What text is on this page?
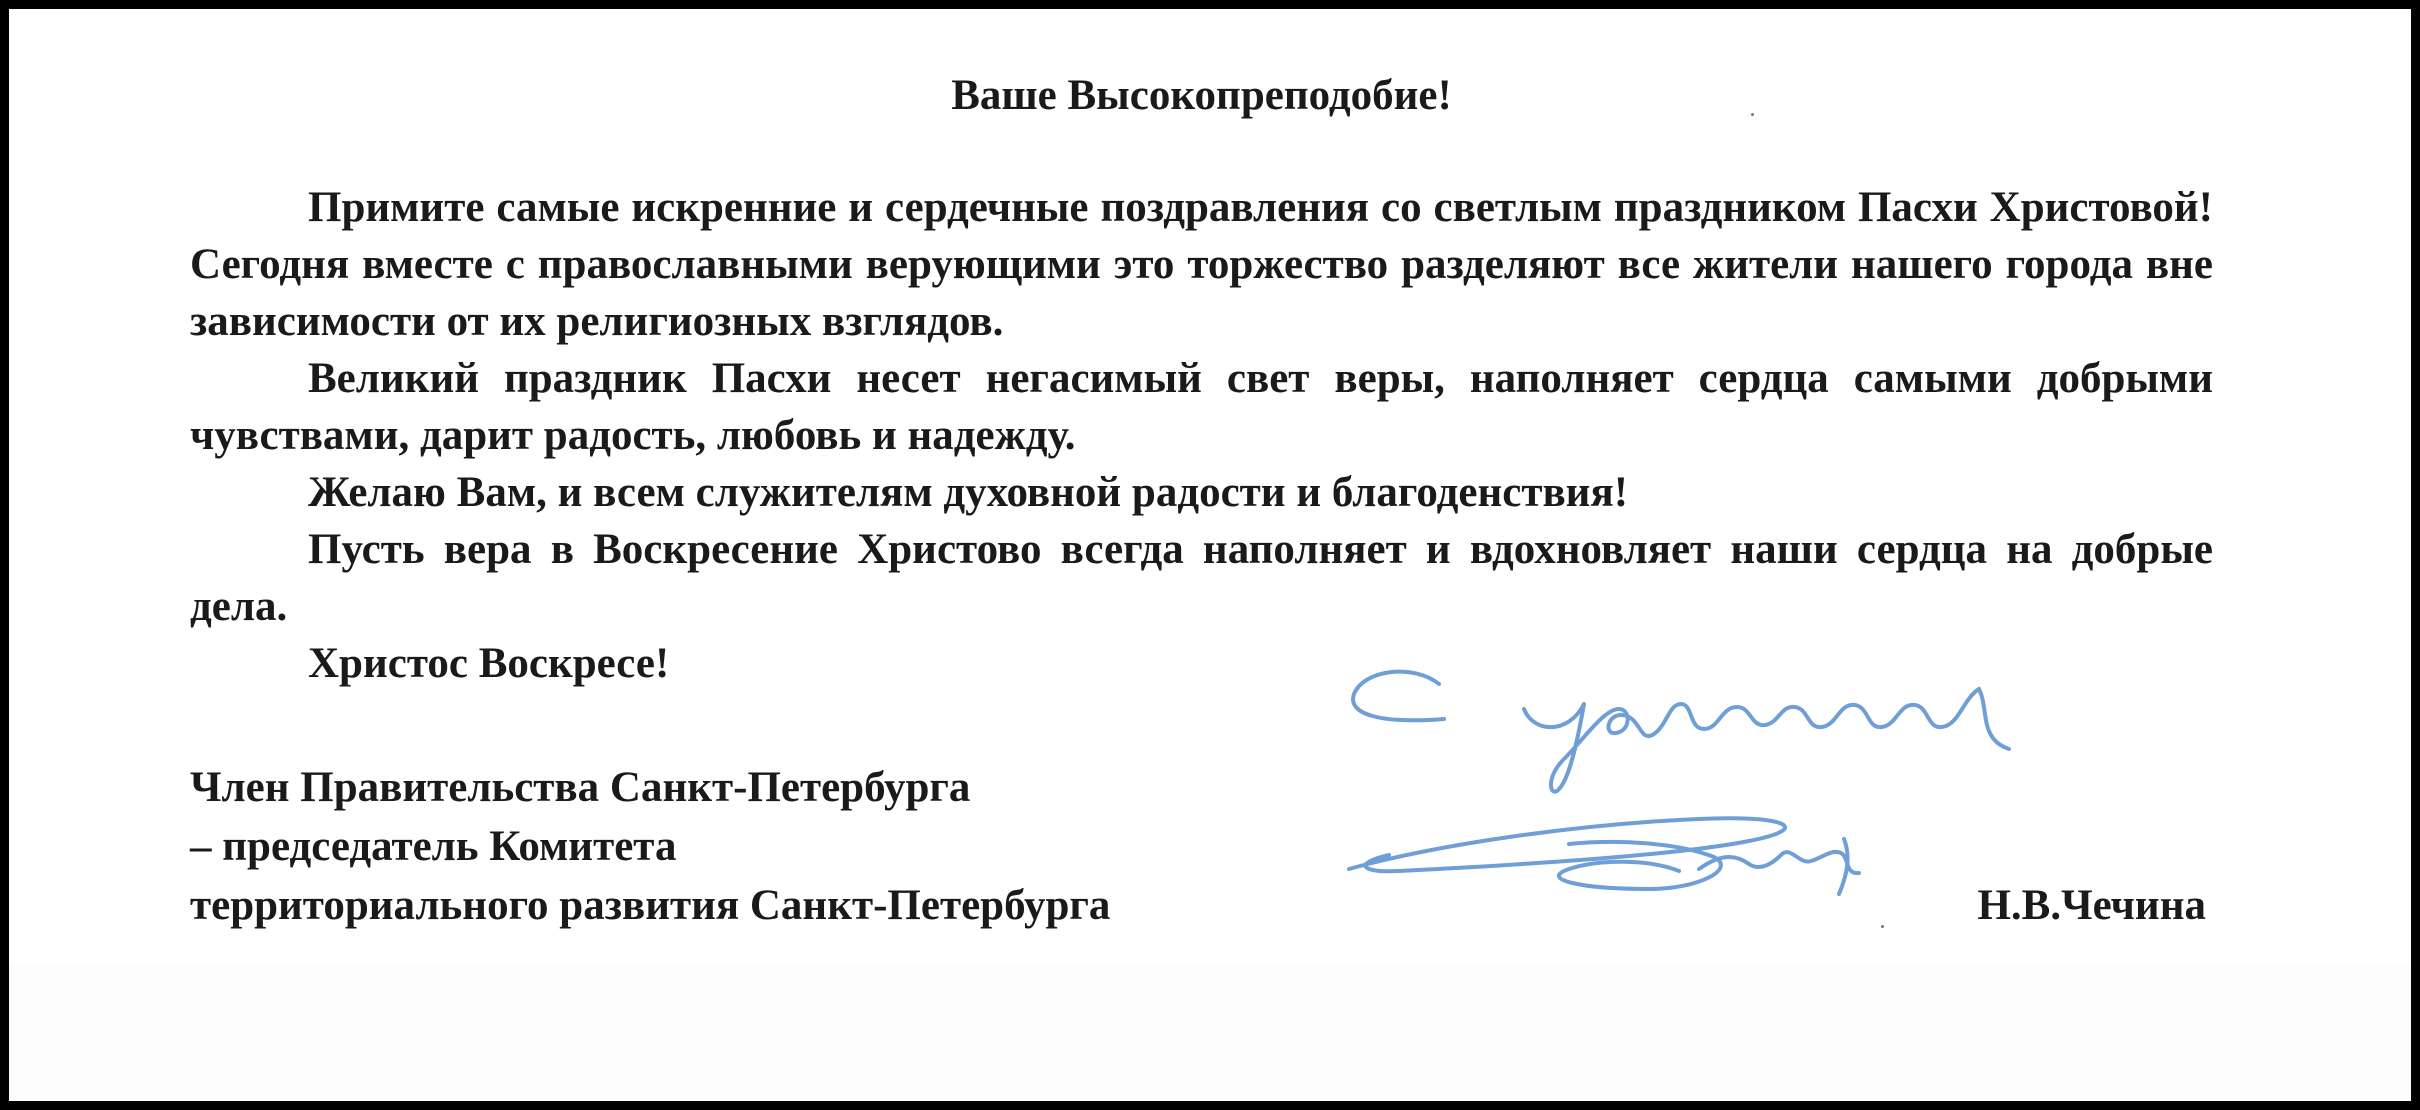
Ваше Высокопреподобие!

Примите самые искренние и сердечные поздравления со светлым праздником Пасхи Христовой! Сегодня вместе с православными верующими это торжество разделяют все жители нашего города вне зависимости от их религиозных взглядов.

Великий праздник Пасхи несет негасимый свет веры, наполняет сердца самыми добрыми чувствами, дарит радость, любовь и надежду.

Желаю Вам, и всем служителям духовной радости и благоденствия!

Пусть вера в Воскресение Христово всегда наполняет и вдохновляет наши сердца на добрые дела.

Христос Воскресе!

Член Правительства Санкт-Петербурга
– председатель Комитета
территориального развития Санкт-Петербурга	Н.В.Чечина
